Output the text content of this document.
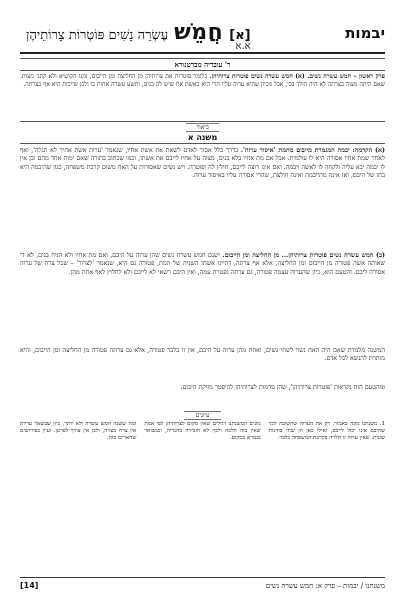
יבמות
[א]
חֲמֵשׁ
עֶשְׂרֵה נָשִׁים פּוֹטְרוֹת צָרוֹתֵיהֶן
א.א
ר' עובדיה מברטנורא
פרק ראשון – חמש עשרה נשים. (א) חמש עשרה נשים פוטרות צרותיהן. כלומר פוטרות את צרותיהן מן החליצה ומן הייבום, ומנו הקושיא ולא קתני מצות. שאם היתה מצוה בצרתה לא היה הולך בכי, אבל מכיון שהיא ערוה עליו הרי היא כאשת אח שיש לה בנים, ותשע עשרה אחות בו ולכן שייכות היא אף בצרתה.
ביאור
משנה א
(א) הקדמה: יבמה המגמרת מייבום מחמת 'איסור ערוה'. בדרך כלל אסור לאדם לשאת את אשת אחיו, שנאמר 'ערות אשת אחיך לא תגלה', ואף לאחר שמת אחיו אסורה היא לו עולמית. אבל אם מת אחיו בלא בנים, מצוה על אחיו לייבם את אשתו, וכמו שכתוב בתורה שאם ימות אחד מהם ובן אין לו יבמה יבא עליה ולקחה לו לאשה ויבמה. ואם אינו רוצה לייבם, חולץ לה ופוטרה. ויש נשים שאסורות על האח משום קרבת משפחה, כגון שהיבמה היא בתו של היבם, ואז אינה מתייבמת ואינה חולצת, שהרי אסורה עליו באיסור ערוה.
(ב) חמש עשרה נשים פוטרות צרותיהן... מן החליצה ומן הייבום. ישנם חמש עשרה נשים שהן ערוה על היבם, ואם מת אחיו ולא הניח בנים, לא די שאותה אשה פטורה מן הייבום ומן החליצה, אלא אף צרתה, דהיינו אשתו השניה של המת, פטורה גם היא, שנאמר 'לצרור' – שכל צרה של ערוה אסורה ליבם. והטעם הוא, כיון שהערוה עצמה פטורה, גם צרתה נפטרת עמה, ואין היבם רשאי לא לייבם ולא לחלוץ לאף אחת מהן.
המשנה מלמדת שאם היה האח נשוי לשתי נשים, ואחת מהן ערוה על היבם, אין זו בלבד פטורה, אלא גם צרתה פטורה מן החליצה ומן הייבום, והיא מותרת להנשא לכל אדם.
ומהטעם הזה נקראות 'פוטרות צרותיהן', שהן גורמות לצרותיהן להיפטר מזיקת היבום.
עיונים
1. משנתנו מונה כאמור, רק את הערוה שחשובה לכך שהיבם אינו יכול לייבם, ואילו כאן הן שתי בחינות שונות. שאין ערוה זו תלויה בקרבת המשפחה בלבד.
מונים המשנתנו רגילים שאין מקום לצרותיהן לפי אמת שאין בזה הלכה ולכך לא הזכירה בדבריה, וכמבואר בגמרא במקום.
ומה ששנה חמש עשרה ולא יותר, כיון שבשאר עריות אין צרה מצויה, ולכן אין צורך לפרטן. ועיין בפירושים שהאריכו בזה.
משנתנו / יבמות – פרק א: חמש עשרה נשים
[14]
